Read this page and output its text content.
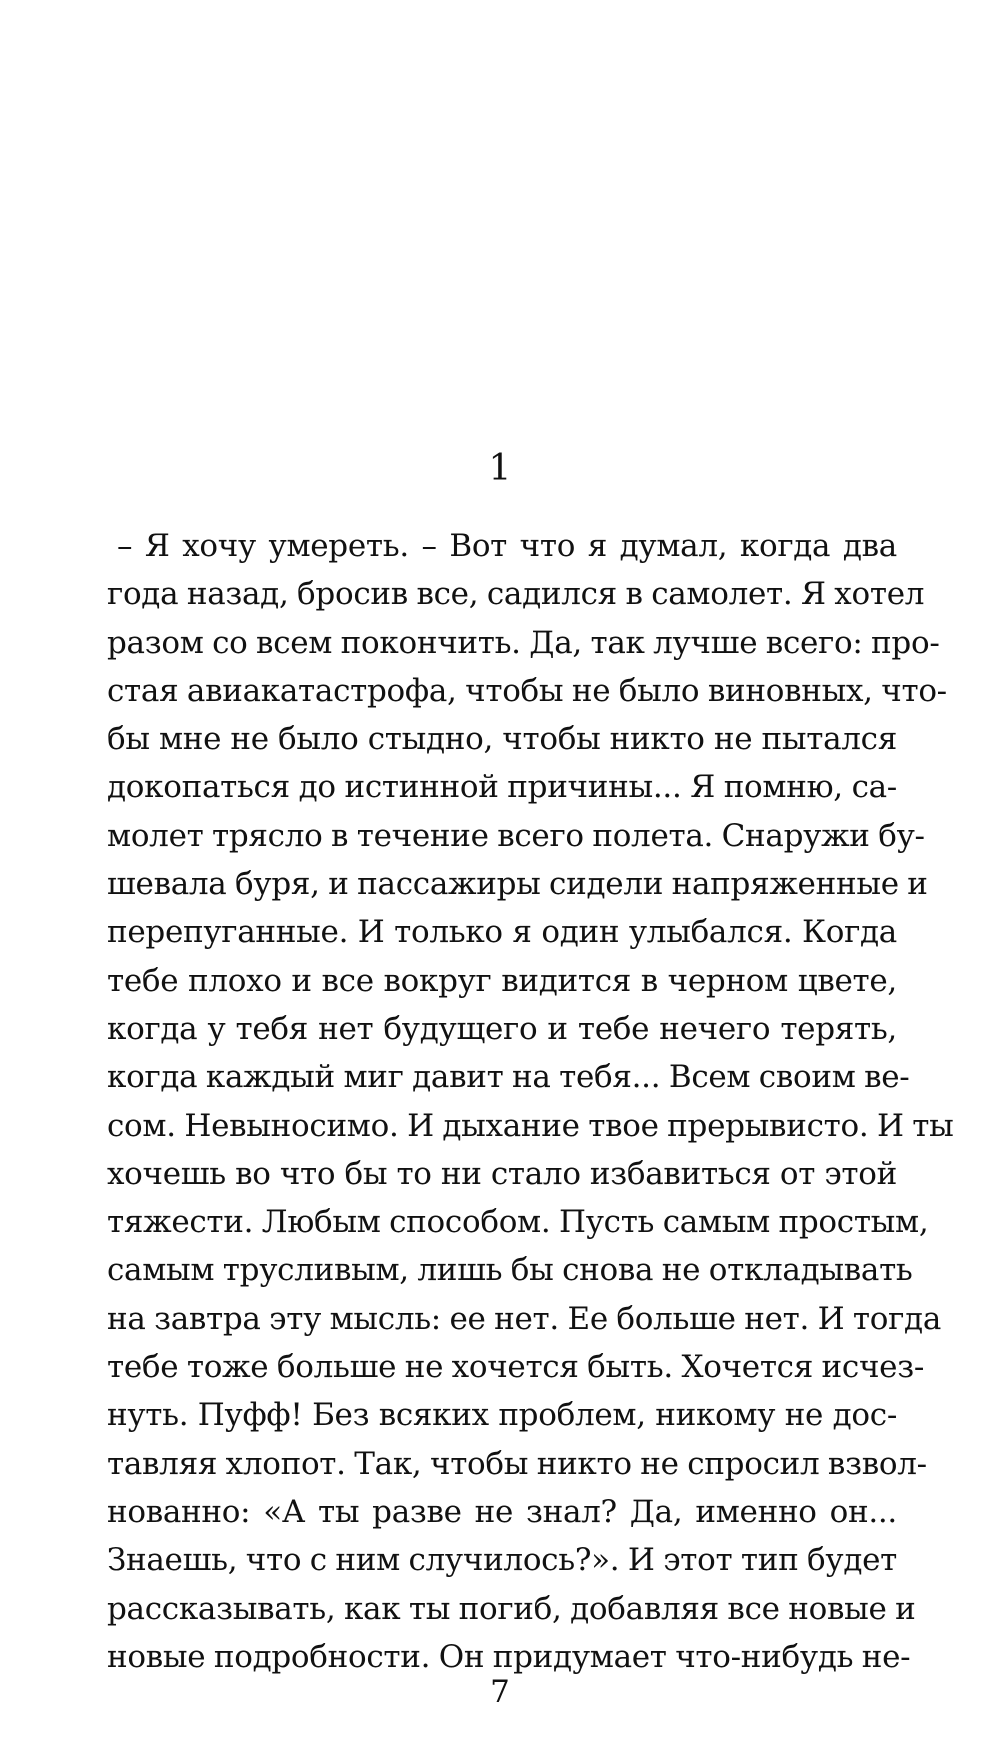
1
– Я хочу умереть. – Вот что я думал, когда два
года назад, бросив все, садился в самолет. Я хотел
разом со всем покончить. Да, так лучше всего: про-
стая авиакатастрофа, чтобы не было виновных, что-
бы мне не было стыдно, чтобы никто не пытался
докопаться до истинной причины... Я помню, са-
молет трясло в течение всего полета. Снаружи бу-
шевала буря, и пассажиры сидели напряженные и
перепуганные. И только я один улыбался. Когда
тебе плохо и все вокруг видится в черном цвете,
когда у тебя нет будущего и тебе нечего терять,
когда каждый миг давит на тебя... Всем своим ве-
сом. Невыносимо. И дыхание твое прерывисто. И ты
хочешь во что бы то ни стало избавиться от этой
тяжести. Любым способом. Пусть самым простым,
самым трусливым, лишь бы снова не откладывать
на завтра эту мысль: ее нет. Ее больше нет. И тогда
тебе тоже больше не хочется быть. Хочется исчез-
нуть. Пуфф! Без всяких проблем, никому не дос-
тавляя хлопот. Так, чтобы никто не спросил взвол-
нованно: «А ты разве не знал? Да, именно он...
Знаешь, что с ним случилось?». И этот тип будет
рассказывать, как ты погиб, добавляя все новые и
новые подробности. Он придумает что-нибудь не-
7
